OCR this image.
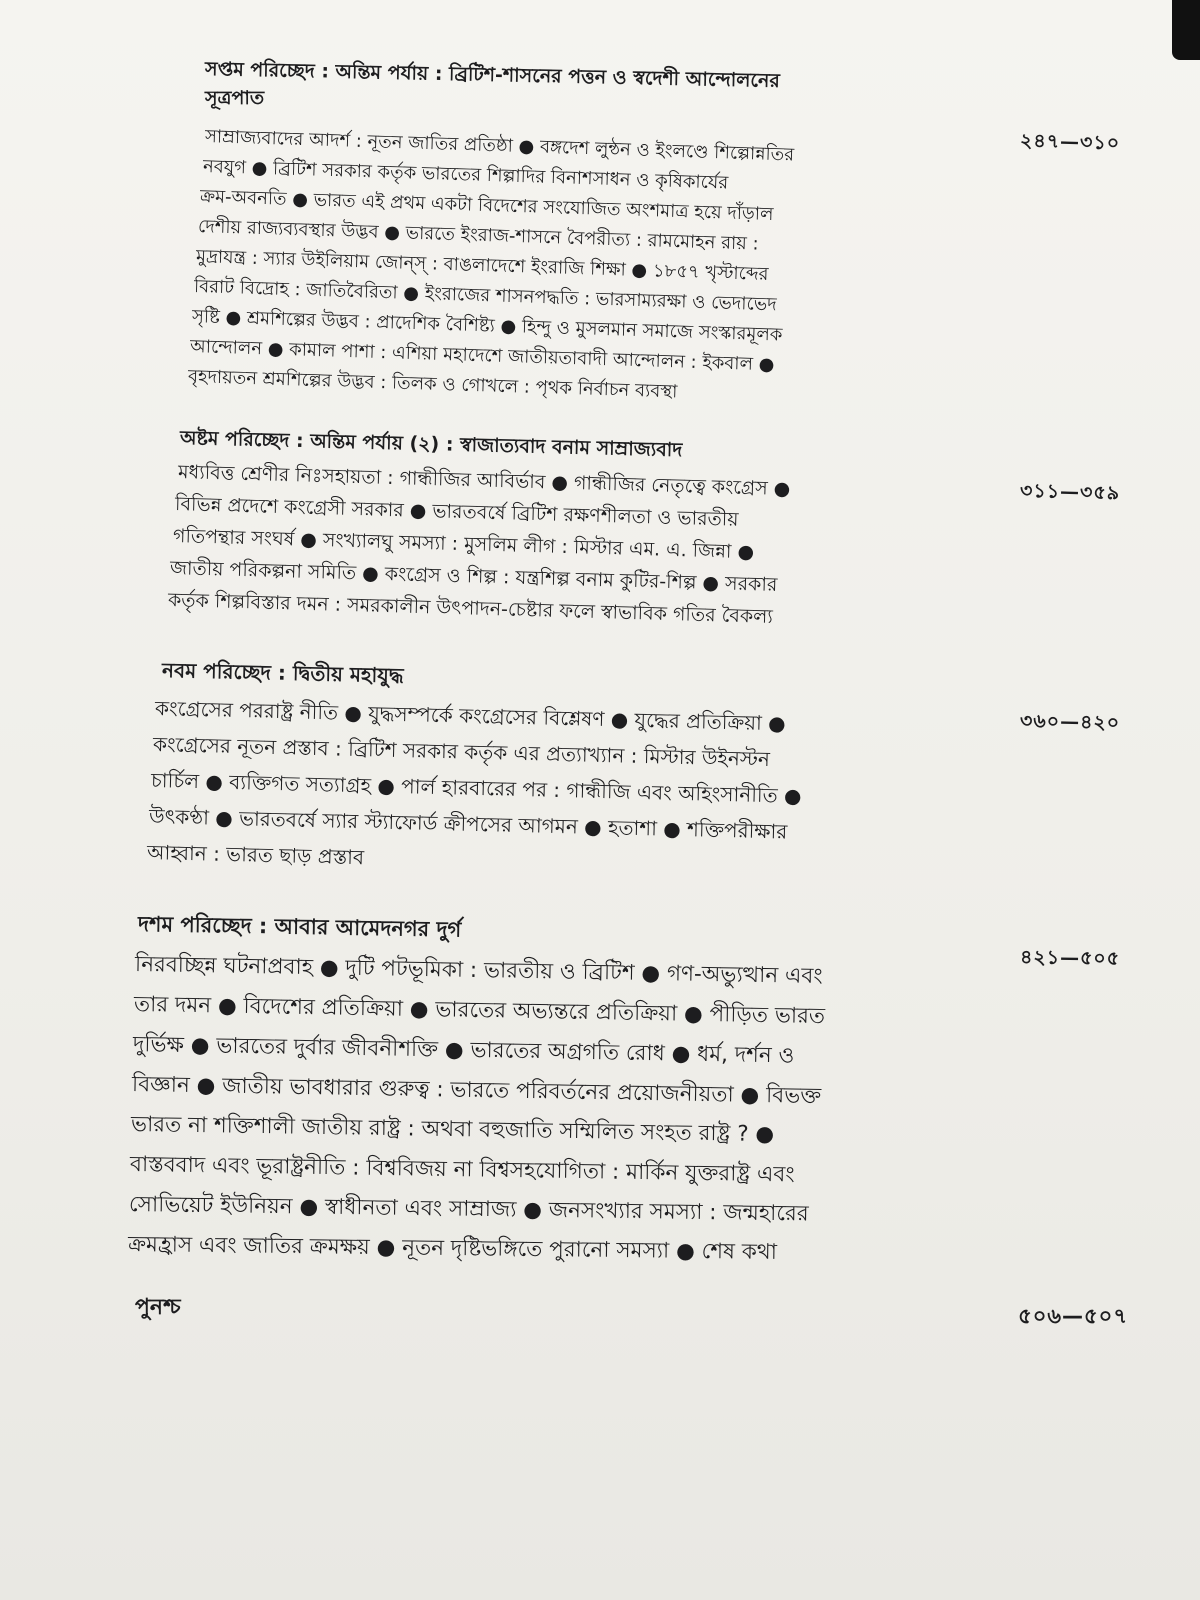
সপ্তম পরিচ্ছেদ : অন্তিম পর্যায় : ব্রিটিশ-শাসনের পত্তন ও স্বদেশী আন্দোলনের
সূত্রপাত
২৪৭—৩১০
সাম্রাজ্যবাদের আদর্শ : নূতন জাতির প্রতিষ্ঠা ● বঙ্গদেশ লুন্ঠন ও ইংলণ্ডে শিল্পোন্নতির
নবযুগ ● ব্রিটিশ সরকার কর্তৃক ভারতের শিল্পাদির বিনাশসাধন ও কৃষিকার্যের
ক্রম-অবনতি ● ভারত এই প্রথম একটা বিদেশের সংযোজিত অংশমাত্র হয়ে দাঁড়াল
দেশীয় রাজ্যব্যবস্থার উদ্ভব ● ভারতে ইংরাজ-শাসনে বৈপরীত্য : রামমোহন রায় :
মুদ্রাযন্ত্র : স্যার উইলিয়াম জোন্স্‌ : বাঙলাদেশে ইংরাজি শিক্ষা ● ১৮৫৭ খৃস্টাব্দের
বিরাট বিদ্রোহ : জাতিবৈরিতা ● ইংরাজের শাসনপদ্ধতি : ভারসাম্যরক্ষা ও ভেদাভেদ
সৃষ্টি ● শ্রমশিল্পের উদ্ভব : প্রাদেশিক বৈশিষ্ট্য ● হিন্দু ও মুসলমান সমাজে সংস্কারমূলক
আন্দোলন ● কামাল পাশা : এশিয়া মহাদেশে জাতীয়তাবাদী আন্দোলন : ইকবাল ●
বৃহদায়তন শ্রমশিল্পের উদ্ভব : তিলক ও গোখলে : পৃথক নির্বাচন ব্যবস্থা
অষ্টম পরিচ্ছেদ : অন্তিম পর্যায় (২) : স্বাজাত্যবাদ বনাম সাম্রাজ্যবাদ
৩১১—৩৫৯
মধ্যবিত্ত শ্রেণীর নিঃসহায়তা : গান্ধীজির আবির্ভাব ● গান্ধীজির নেতৃত্বে কংগ্রেস ●
বিভিন্ন প্রদেশে কংগ্রেসী সরকার ● ভারতবর্ষে ব্রিটিশ রক্ষণশীলতা ও ভারতীয়
গতিপন্থার সংঘর্ষ ● সংখ্যালঘু সমস্যা : মুসলিম লীগ : মিস্টার এম. এ. জিন্না ●
জাতীয় পরিকল্পনা সমিতি ● কংগ্রেস ও শিল্প : যন্ত্রশিল্প বনাম কুটির-শিল্প ● সরকার
কর্তৃক শিল্পবিস্তার দমন : সমরকালীন উৎপাদন-চেষ্টার ফলে স্বাভাবিক গতির বৈকল্য
নবম পরিচ্ছেদ : দ্বিতীয় মহাযুদ্ধ
৩৬০—৪২০
কংগ্রেসের পররাষ্ট্র নীতি ● যুদ্ধসম্পর্কে কংগ্রেসের বিশ্লেষণ ● যুদ্ধের প্রতিক্রিয়া ●
কংগ্রেসের নূতন প্রস্তাব : ব্রিটিশ সরকার কর্তৃক এর প্রত্যাখ্যান : মিস্টার উইনস্টন
চার্চিল ● ব্যক্তিগত সত্যাগ্রহ ● পার্ল হারবারের পর : গান্ধীজি এবং অহিংসানীতি ●
উৎকণ্ঠা ● ভারতবর্ষে স্যার স্ট্যাফোর্ড ক্রীপসের আগমন ● হতাশা ● শক্তিপরীক্ষার
আহ্বান : ভারত ছাড় প্রস্তাব
দশম পরিচ্ছেদ : আবার আমেদনগর দুর্গ
৪২১—৫০৫
নিরবচ্ছিন্ন ঘটনাপ্রবাহ ● দুটি পটভূমিকা : ভারতীয় ও ব্রিটিশ ● গণ-অভ্যুত্থান এবং
তার দমন ● বিদেশের প্রতিক্রিয়া ● ভারতের অভ্যন্তরে প্রতিক্রিয়া ● পীড়িত ভারত
দুর্ভিক্ষ ● ভারতের দুর্বার জীবনীশক্তি ● ভারতের অগ্রগতি রোধ ● ধর্ম, দর্শন ও
বিজ্ঞান ● জাতীয় ভাবধারার গুরুত্ব : ভারতে পরিবর্তনের প্রয়োজনীয়তা ● বিভক্ত
ভারত না শক্তিশালী জাতীয় রাষ্ট্র : অথবা বহুজাতি সম্মিলিত সংহত রাষ্ট্র ? ●
বাস্তববাদ এবং ভূরাষ্ট্রনীতি : বিশ্ববিজয় না বিশ্বসহযোগিতা : মার্কিন যুক্তরাষ্ট্র এবং
সোভিয়েট ইউনিয়ন ● স্বাধীনতা এবং সাম্রাজ্য ● জনসংখ্যার সমস্যা : জন্মহারের
ক্রমহ্রাস এবং জাতির ক্রমক্ষয় ● নূতন দৃষ্টিভঙ্গিতে পুরানো সমস্যা ● শেষ কথা
পুনশ্চ	৫০৬—৫০৭
